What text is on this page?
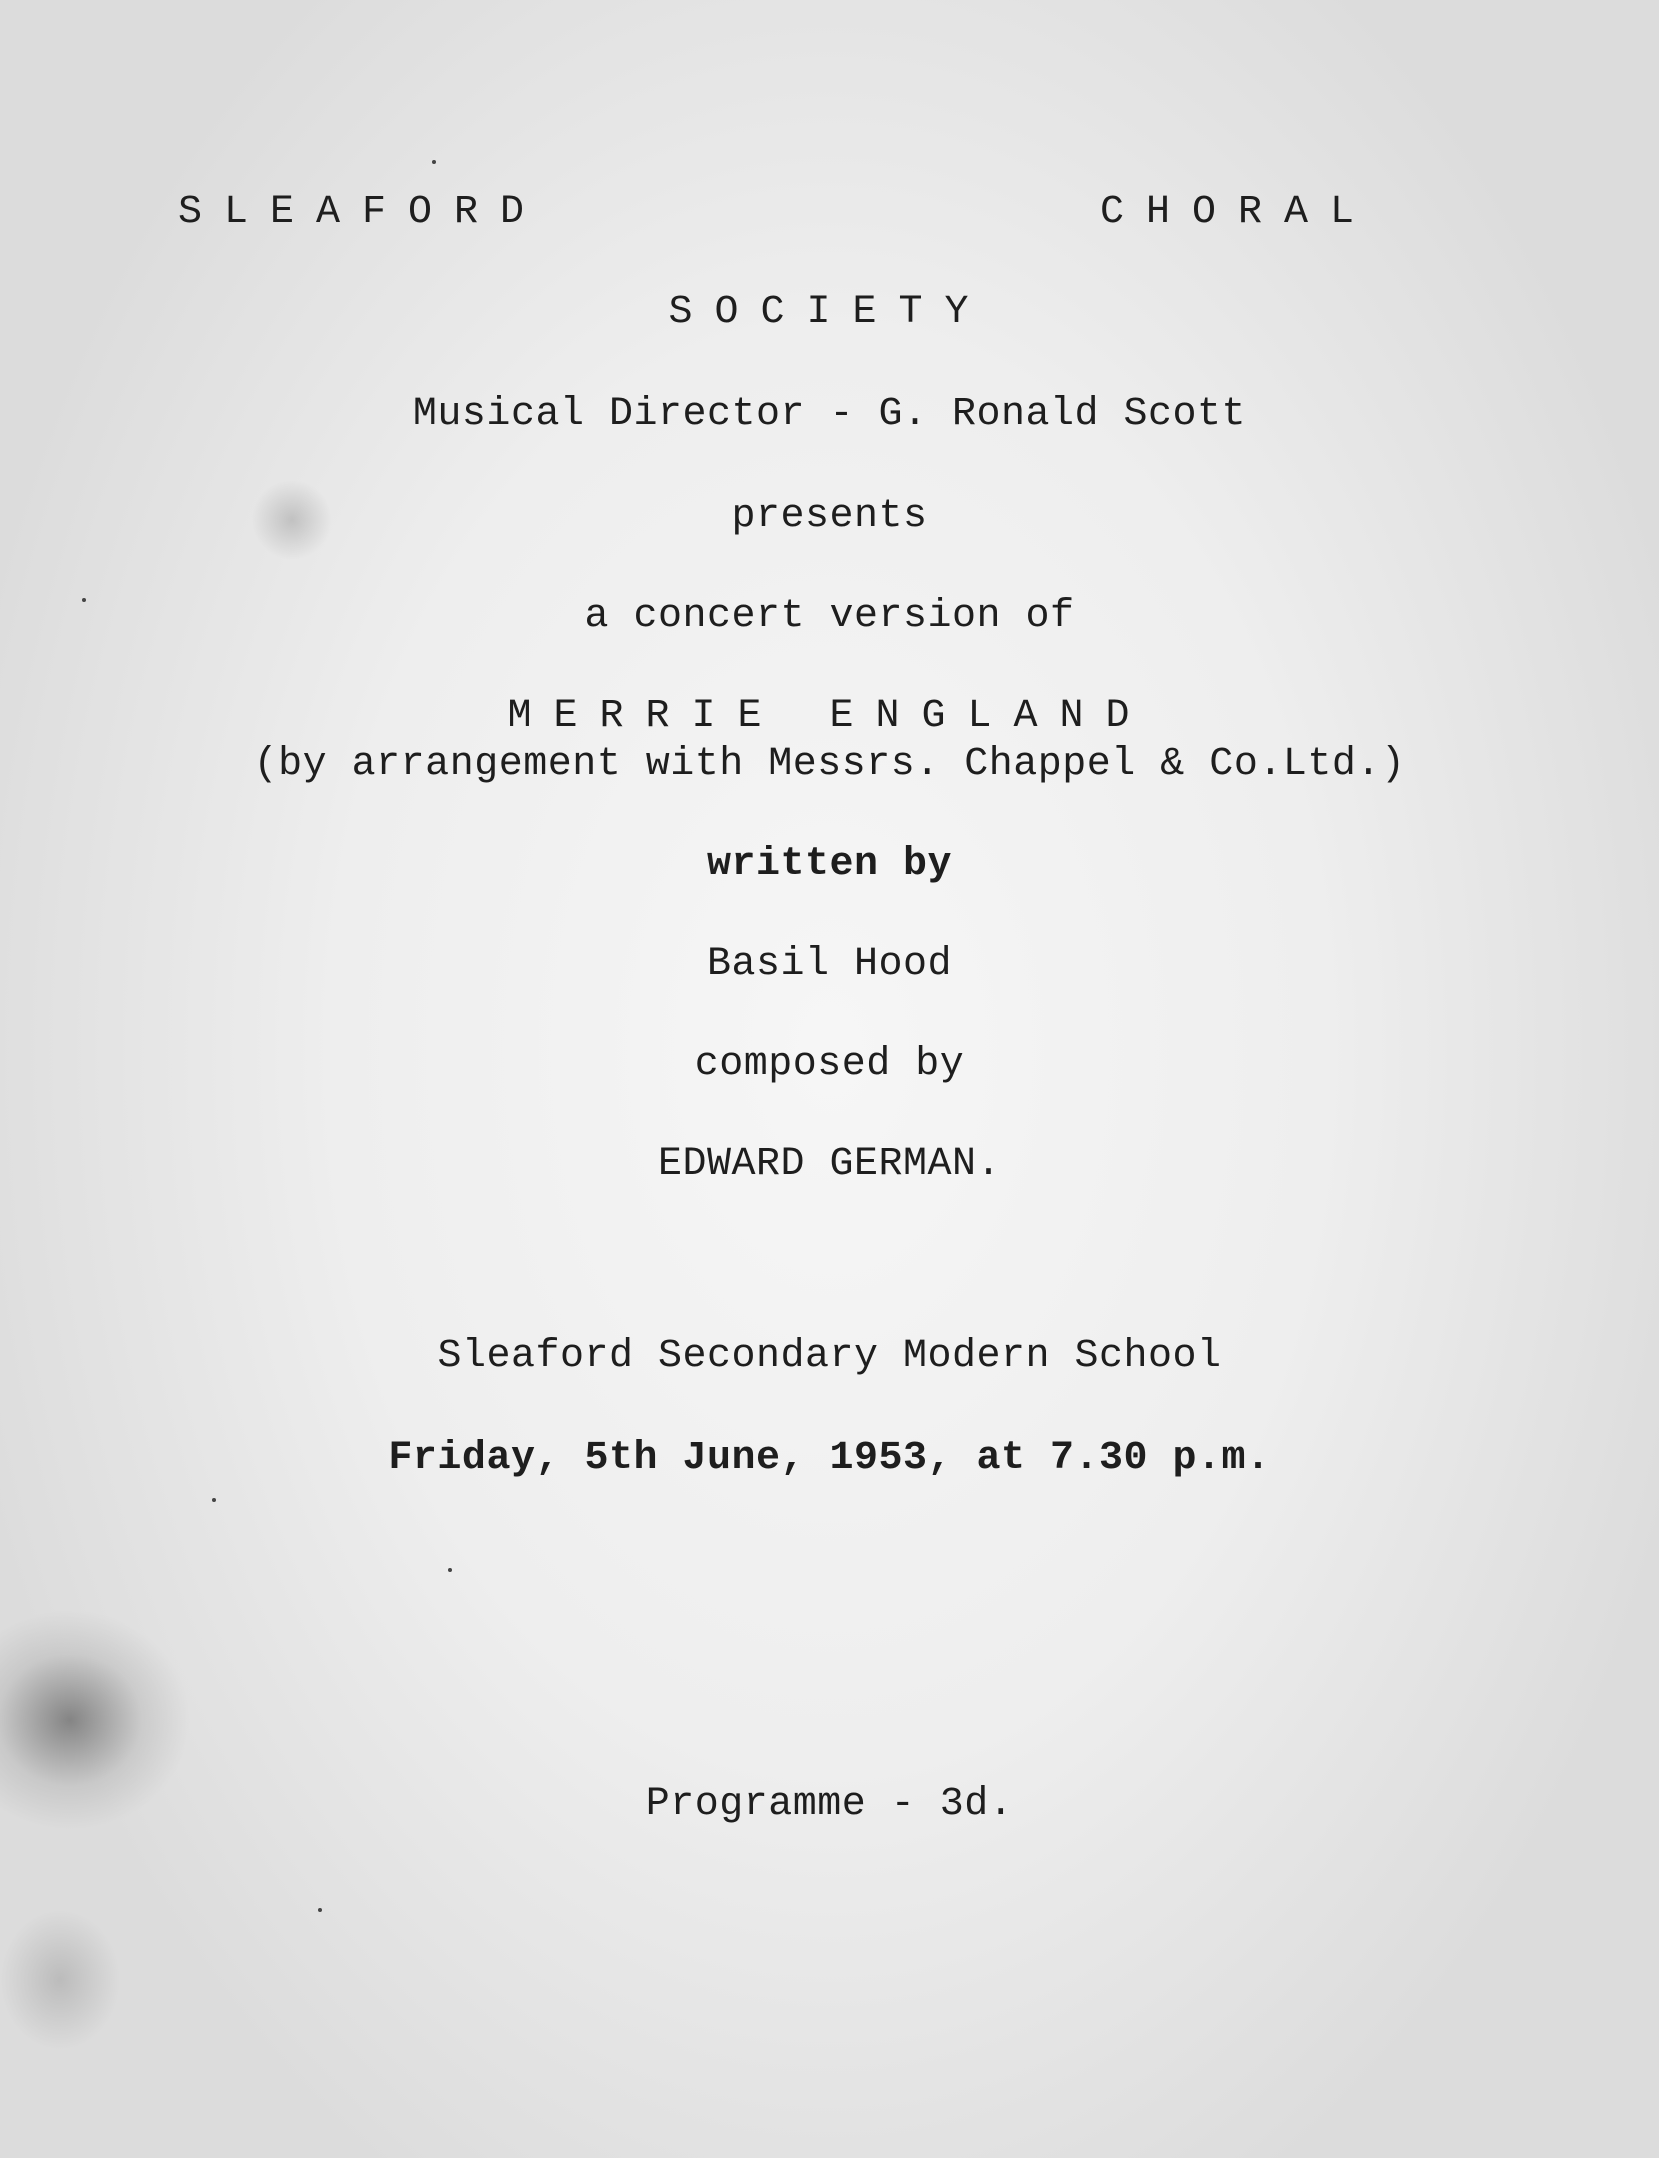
SLEAFORD	CHORAL
SOCIETY
Musical Director - G. Ronald Scott
presents
a concert version of
MERRIE ENGLAND
(by arrangement with Messrs. Chappel & Co.Ltd.)
written by
Basil Hood
composed by
EDWARD GERMAN.
Sleaford Secondary Modern School
Friday, 5th June, 1953, at 7.30 p.m.
Programme - 3d.
